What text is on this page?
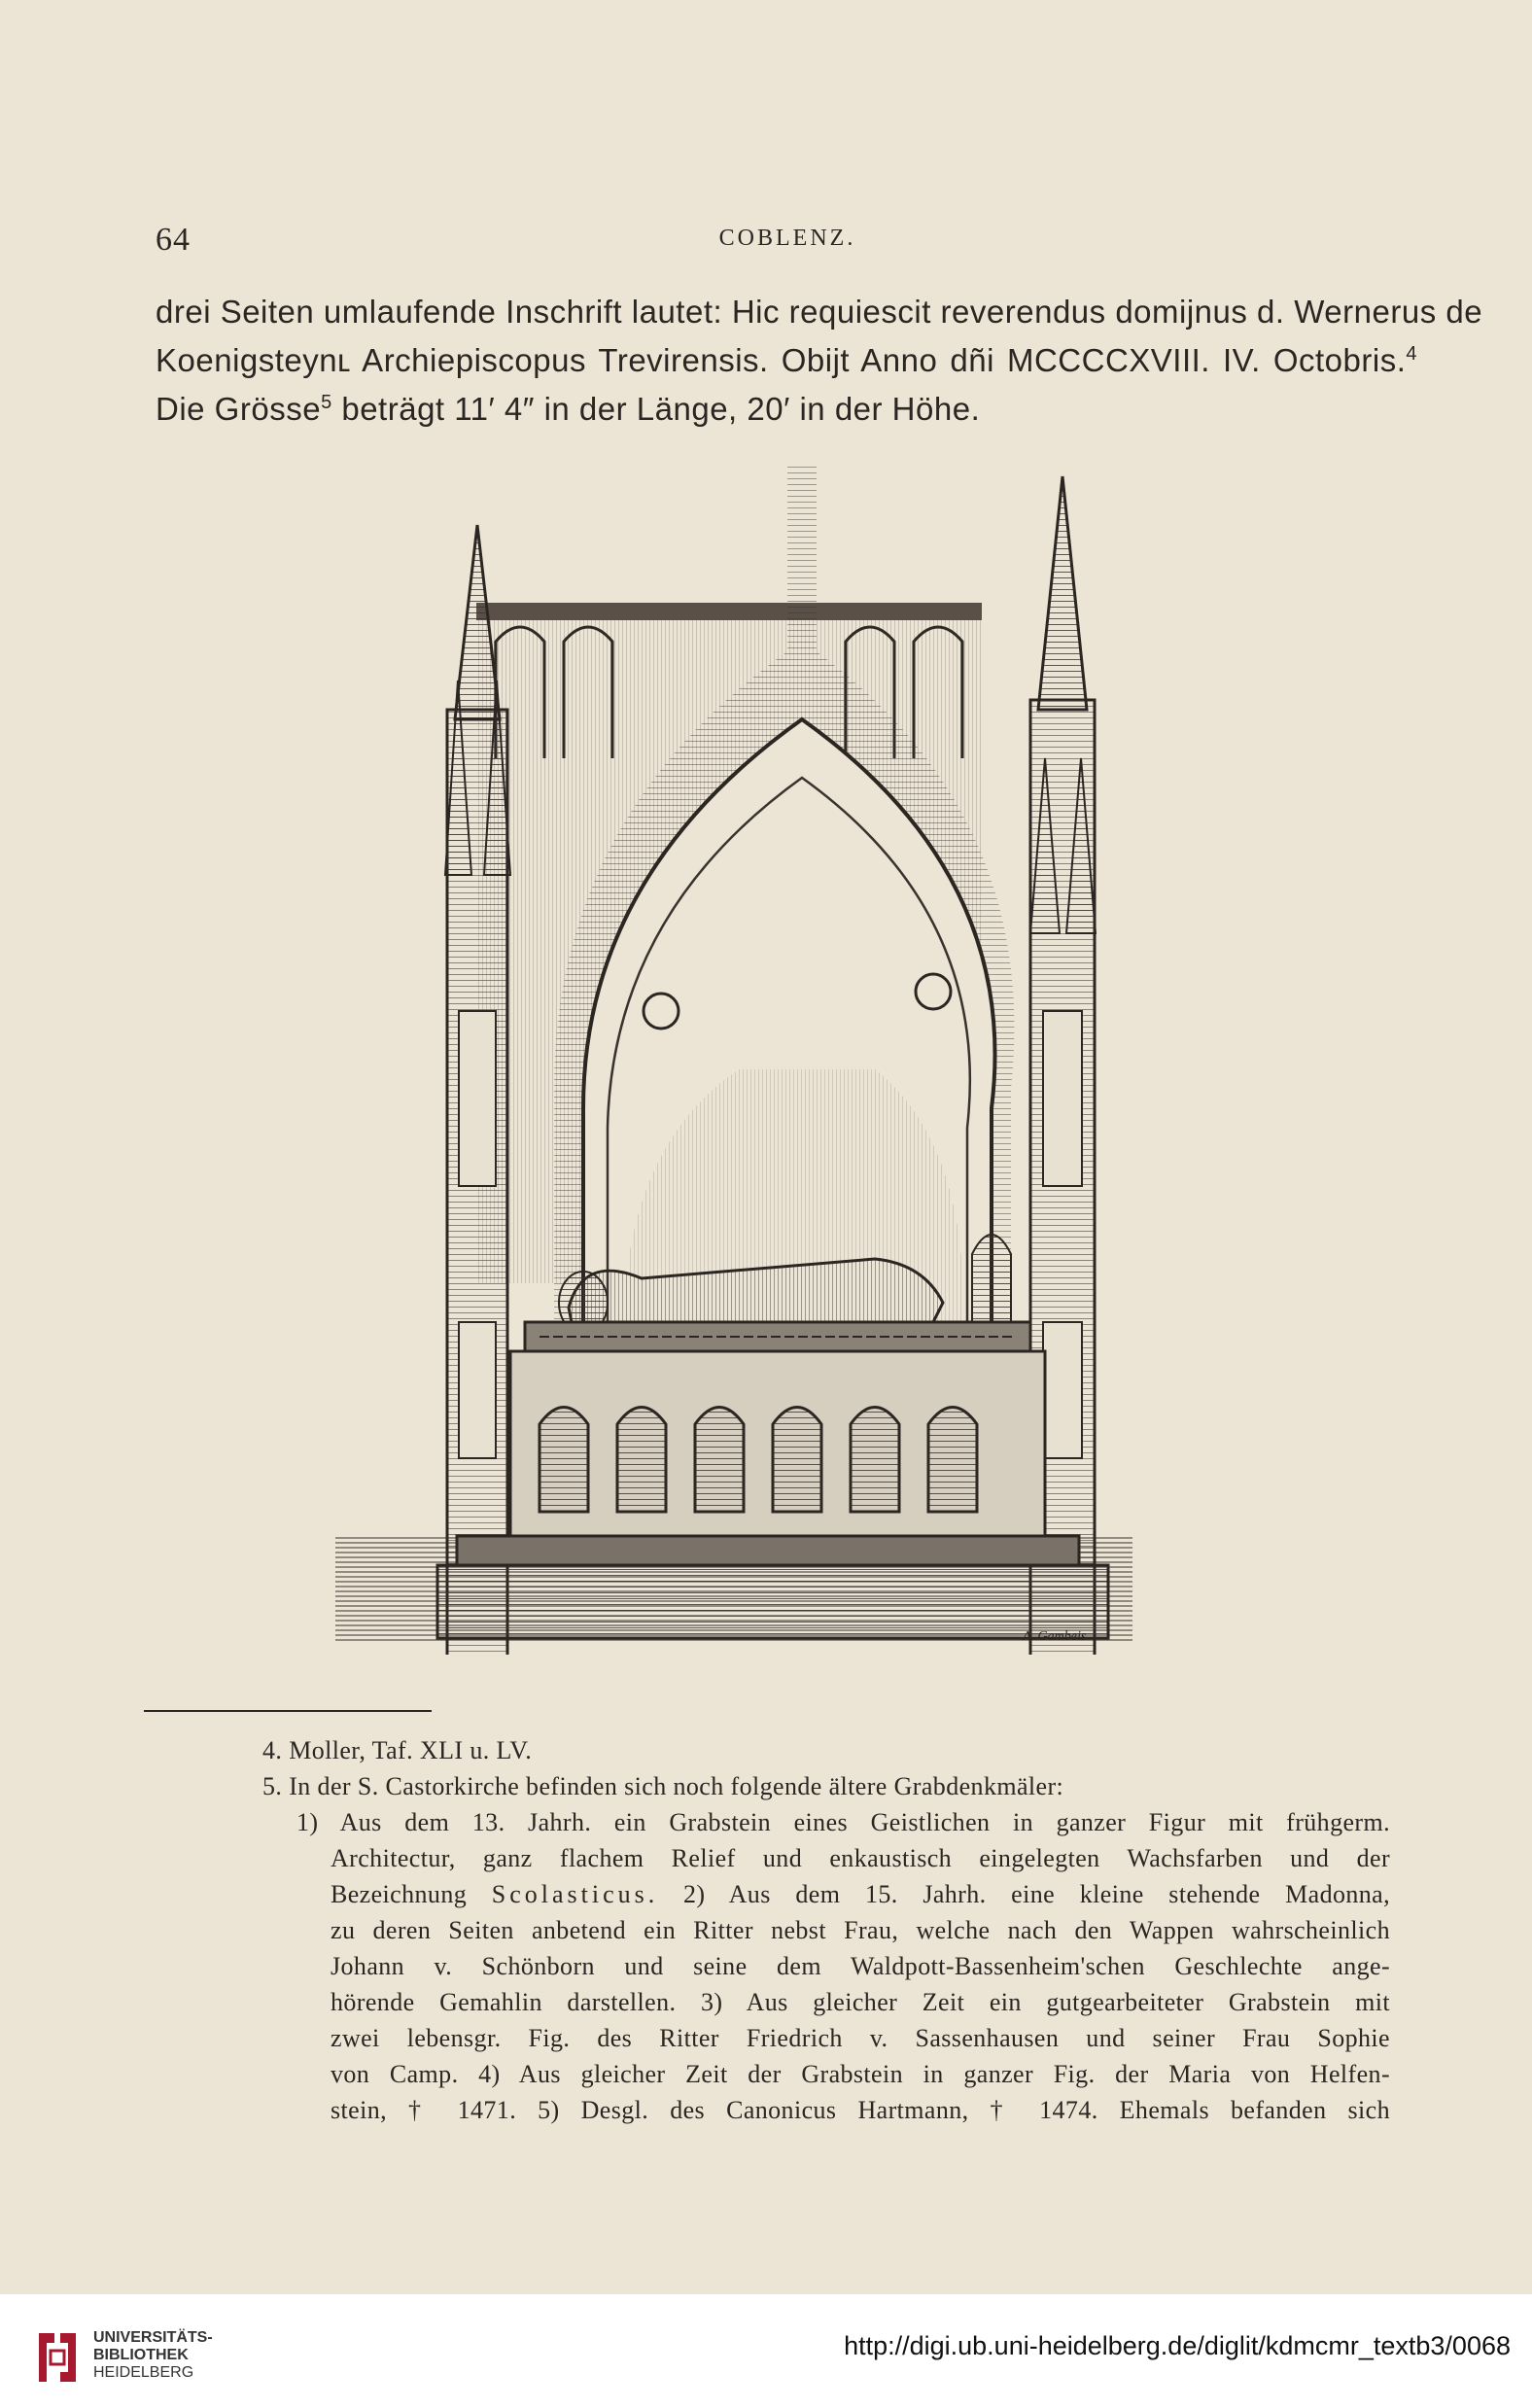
64	COBLENZ.
drei Seiten umlaufende Inschrift lautet: Hic requiescit reverendus domijnus d. Wernerus de
Koenigsteynʟ Archiepiscopus Trevirensis. Obijt Anno dñi MCCCCXVIII. IV. Octobris.$^4$
Die Grösse$^5$ beträgt 11′ 4″ in der Länge, 20′ in der Höhe.
A. Gambeis
4. Moller, Taf. XLI u. LV.
5. In der S. Castorkirche befinden sich noch folgende ältere Grabdenkmäler:
1) Aus dem 13. Jahrh. ein Grabstein eines Geistlichen in ganzer Figur mit frühgerm.
Architectur, ganz flachem Relief und enkaustisch eingelegten Wachsfarben und der
Bezeichnung Scolasticus. 2) Aus dem 15. Jahrh. eine kleine stehende Madonna,
zu deren Seiten anbetend ein Ritter nebst Frau, welche nach den Wappen wahrscheinlich
Johann v. Schönborn und seine dem Waldpott-Bassenheim'schen Geschlechte ange-
hörende Gemahlin darstellen. 3) Aus gleicher Zeit ein gutgearbeiteter Grabstein mit
zwei lebensgr. Fig. des Ritter Friedrich v. Sassenhausen und seiner Frau Sophie
von Camp. 4) Aus gleicher Zeit der Grabstein in ganzer Fig. der Maria von Helfen-
stein, † 1471. 5) Desgl. des Canonicus Hartmann, † 1474. Ehemals befanden sich
UNIVERSITÄTS-
BIBLIOTHEK
HEIDELBERG
http://digi.ub.uni-heidelberg.de/diglit/kdmcmr_textb3/0068
